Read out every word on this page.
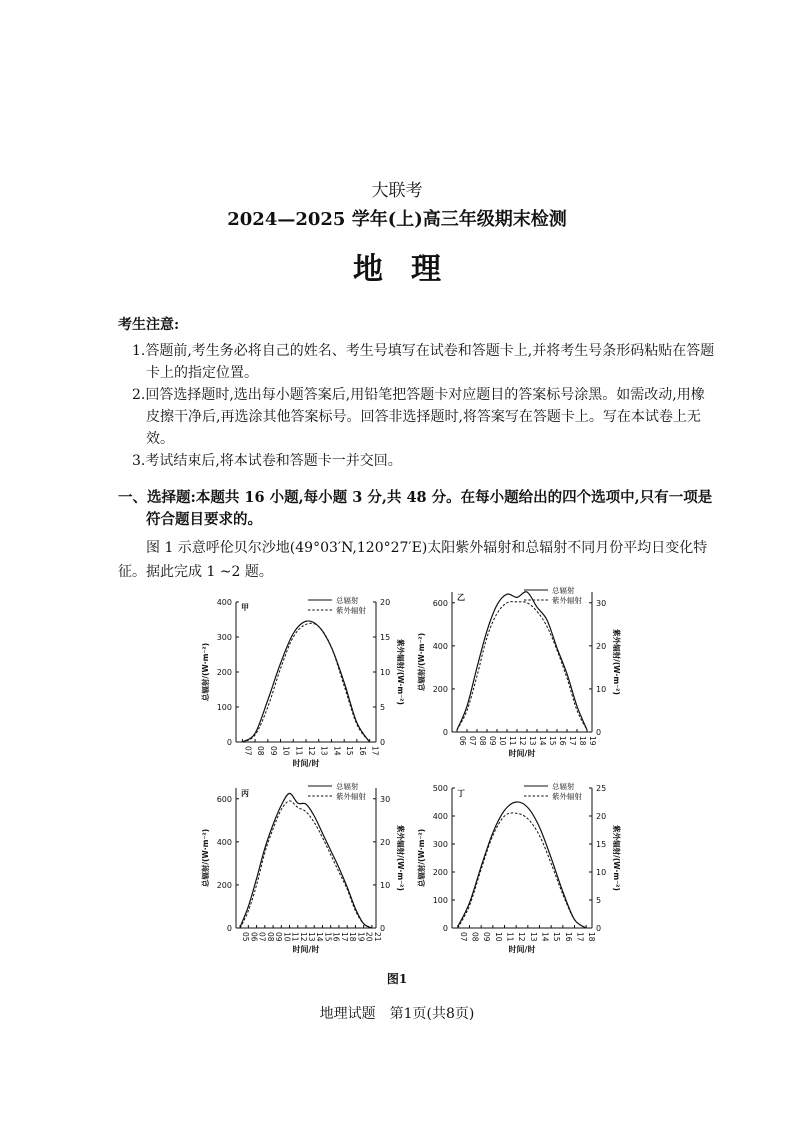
大联考
2024—2025 学年(上)高三年级期末检测
地理
考生注意:
1.答题前,考生务必将自己的姓名、考生号填写在试卷和答题卡上,并将考生号条形码粘贴在答题卡上的指定位置。
2.回答选择题时,选出每小题答案后,用铅笔把答题卡对应题目的答案标号涂黑。如需改动,用橡皮擦干净后,再选涂其他答案标号。回答非选择题时,将答案写在答题卡上。写在本试卷上无效。
3.考试结束后,将本试卷和答题卡一并交回。
一、选择题:本题共 16 小题,每小题 3 分,共 48 分。在每小题给出的四个选项中,只有一项是
符合题目要求的。
图 1 示意呼伦贝尔沙地(49°03′N,120°27′E)太阳紫外辐射和总辐射不同月份平均日变化特征。据此完成 1 ~2 题。
0
100
200
300
400
0
5
10
15
20
07 08 09 10 11 12 13 14 15 16 17
时间/时
总辐射/(W·m⁻²)	紫外辐射/(W·m⁻²)
甲
总辐射
紫外辐射
0
200
400
600
0
10
20
30
06 07 08 09 10 11 12 13 14 15 16 17 18 19
时间/时
总辐射/(W·m⁻²)	紫外辐射/(W·m⁻²)
乙
总辐射
紫外辐射
0
200
400
600
0
10
20
30
05 06 07 08 09 10 11 12 13 14 15 16 17 18 19 20 21
时间/时
总辐射/(W·m⁻²)	紫外辐射/(W·m⁻²)
丙
总辐射
紫外辐射
0
100
200
300
400
500
0
5
10
15
20
25
07 08 09 10 11 12 13 14 15 16 17 18
时间/时
总辐射/(W·m⁻²)	紫外辐射/(W·m⁻²)
丁
总辐射
紫外辐射
图1
地理试题　第1页(共8页)
